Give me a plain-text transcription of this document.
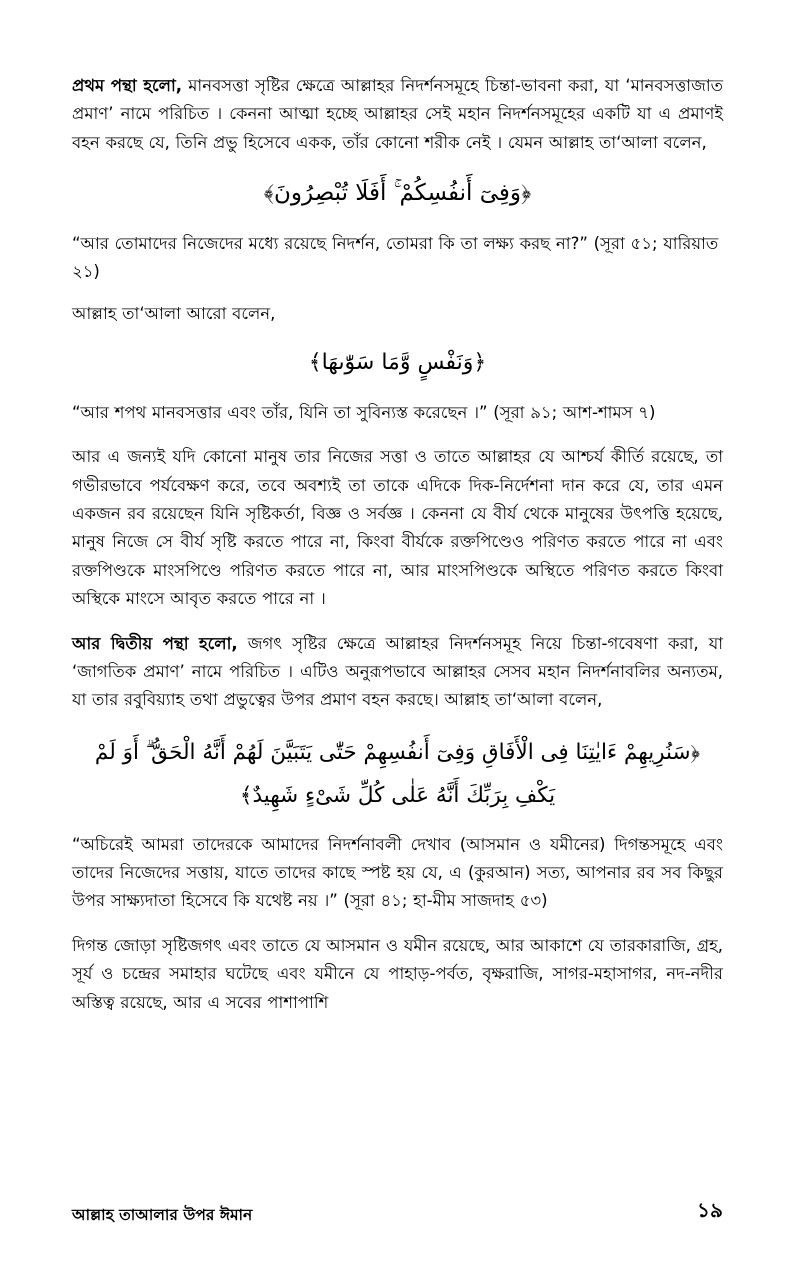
প্রথম পন্থা হলো, মানবসত্তা সৃষ্টির ক্ষেত্রে আল্লাহর নিদর্শনসমূহে চিন্তা-ভাবনা করা, যা ‘মানবসত্তাজাত প্রমাণ’ নামে পরিচিত । কেননা আত্মা হচ্ছে আল্লাহর সেই মহান নিদর্শনসমূহের একটি যা এ প্রমাণই বহন করছে যে, তিনি প্রভু হিসেবে একক, তাঁর কোনো শরীক নেই । যেমন আল্লাহ তা‘আলা বলেন,

﴿وَفِىٓ أَنفُسِكُمْ ۚ أَفَلَا تُبْصِرُونَ﴾

“আর তোমাদের নিজেদের মধ্যে রয়েছে নিদর্শন, তোমরা কি তা লক্ষ্য করছ না?” (সূরা ৫১; যারিয়াত ২১)

আল্লাহ তা‘আলা আরো বলেন,

﴿وَنَفْسٍ وَّمَا سَوّٰىهَا﴾

“আর শপথ মানবসত্তার এবং তাঁর, যিনি তা সুবিন্যস্ত করেছেন ।” (সূরা ৯১; আশ-শামস ৭)

আর এ জন্যই যদি কোনো মানুষ তার নিজের সত্তা ও তাতে আল্লাহর যে আশ্চর্য কীর্তি রয়েছে, তা গভীরভাবে পর্যবেক্ষণ করে, তবে অবশ্যই তা তাকে এদিকে দিক-নির্দেশনা দান করে যে, তার এমন একজন রব রয়েছেন যিনি সৃষ্টিকর্তা, বিজ্ঞ ও সর্বজ্ঞ । কেননা যে বীর্য থেকে মানুষের উৎপত্তি হয়েছে, মানুষ নিজে সে বীর্য সৃষ্টি করতে পারে না, কিংবা বীর্যকে রক্তপিণ্ডেও পরিণত করতে পারে না এবং রক্তপিণ্ডকে মাংসপিণ্ডে পরিণত করতে পারে না, আর মাংসপিণ্ডকে অস্থিতে পরিণত করতে কিংবা অস্থিকে মাংসে আবৃত করতে পারে না ।

আর দ্বিতীয় পন্থা হলো, জগৎ সৃষ্টির ক্ষেত্রে আল্লাহর নিদর্শনসমূহ নিয়ে চিন্তা-গবেষণা করা, যা ‘জাগতিক প্রমাণ’ নামে পরিচিত । এটিও অনুরূপভাবে আল্লাহর সেসব মহান নিদর্শনাবলির অন্যতম, যা তার রবুবিয়্যাহ তথা প্রভুত্বের উপর প্রমাণ বহন করছে। আল্লাহ তা‘আলা বলেন,

﴿سَنُرِيهِمْ ءَايٰتِنَا فِى الْأَفَاقِ وَفِىٓ أَنفُسِهِمْ حَتّٰى يَتَبَيَّنَ لَهُمْ أَنَّهُ الْحَقُّ ۗ أَوَ لَمْ
يَكْفِ بِرَبِّكَ أَنَّهُ عَلٰى كُلِّ شَىْءٍ شَهِيدٌ﴾

“অচিরেই আমরা তাদেরকে আমাদের নিদর্শনাবলী দেখাব (আসমান ও যমীনের) দিগন্তসমূহে এবং তাদের নিজেদের সত্তায়, যাতে তাদের কাছে স্পষ্ট হয় যে, এ (কুরআন) সত্য, আপনার রব সব কিছুর উপর সাক্ষ্যদাতা হিসেবে কি যথেষ্ট নয় ।” (সূরা ৪১; হা-মীম সাজদাহ ৫৩)

দিগন্ত জোড়া সৃষ্টিজগৎ এবং তাতে যে আসমান ও যমীন রয়েছে, আর আকাশে যে তারকারাজি, গ্রহ, সূর্য ও চন্দ্রের সমাহার ঘটেছে এবং যমীনে যে পাহাড়-পর্বত, বৃক্ষরাজি, সাগর-মহাসাগর, নদ-নদীর অস্তিত্ব রয়েছে, আর এ সবের পাশাপাশি

আল্লাহ তাআলার উপর ঈমান	১৯
